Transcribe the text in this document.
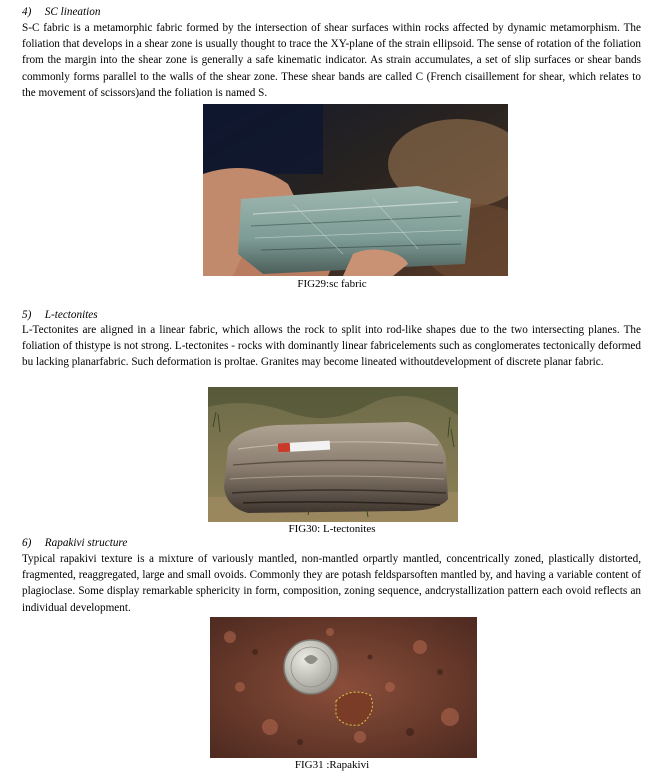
4) SC lineation

S-C fabric is a metamorphic fabric formed by the intersection of shear surfaces within rocks affected by dynamic metamorphism. The foliation that develops in a shear zone is usually thought to trace the XY-plane of the strain ellipsoid. The sense of rotation of the foliation from the margin into the shear zone is generally a safe kinematic indicator. As strain accumulates, a set of slip surfaces or shear bands commonly forms parallel to the walls of the shear zone. These shear bands are called C (French cisaillement for shear, which relates to the movement of scissors)and the foliation is named S.

FIG29:sc fabric
5) L-tectonites

L-Tectonites are aligned in a linear fabric, which allows the rock to split into rod-like shapes due to the two intersecting planes. The foliation of thistype is not strong. L-tectonites - rocks with dominantly linear fabricelements such as conglomerates tectonically deformed bu lacking planarfabric. Such deformation is proltae. Granites may become lineated withoutdevelopment of discrete planar fabric.

FIG30: L-tectonites
6) Rapakivi structure

Typical rapakivi texture is a mixture of variously mantled, non-mantled orpartly mantled, concentrically zoned, plastically distorted, fragmented, reaggregated, large and small ovoids. Commonly they are potash feldsparsoften mantled by, and having a variable content of plagioclase. Some display remarkable sphericity in form, composition, zoning sequence, andcrystallization pattern each ovoid reflects an individual development.

FIG31 :Rapakivi
